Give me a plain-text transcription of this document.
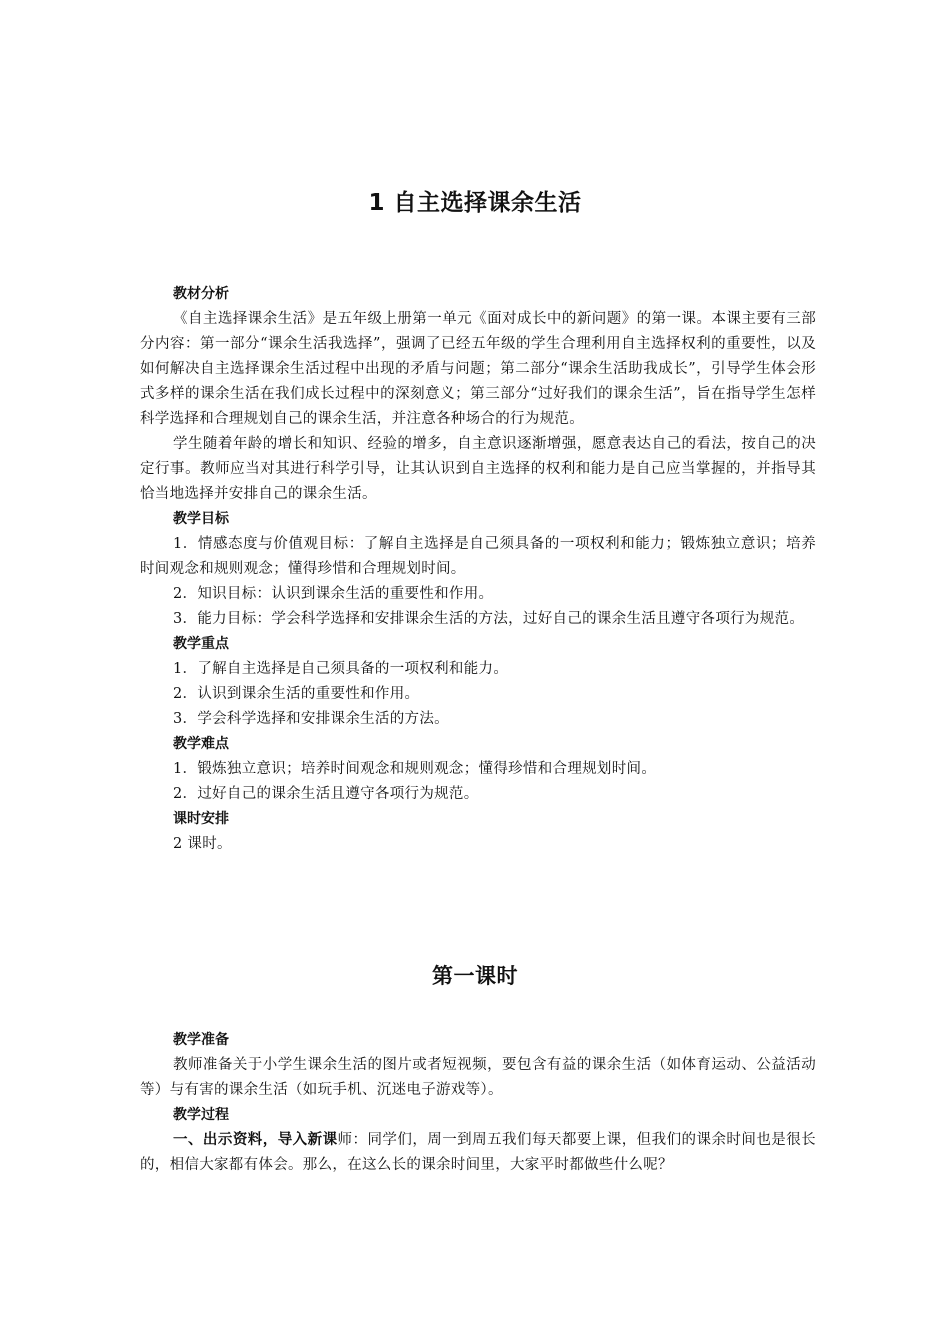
1 自主选择课余生活

教材分析

《自主选择课余生活》是五年级上册第一单元《面对成长中的新问题》的第一课。本课主要有三部分内容：第一部分“课余生活我选择”，强调了已经五年级的学生合理利用自主选择权利的重要性，以及如何解决自主选择课余生活过程中出现的矛盾与问题；第二部分“课余生活助我成长”，引导学生体会形式多样的课余生活在我们成长过程中的深刻意义；第三部分“过好我们的课余生活”，旨在指导学生怎样科学选择和合理规划自己的课余生活，并注意各种场合的行为规范。

学生随着年龄的增长和知识、经验的增多，自主意识逐渐增强，愿意表达自己的看法，按自己的决定行事。教师应当对其进行科学引导，让其认识到自主选择的权利和能力是自己应当掌握的，并指导其恰当地选择并安排自己的课余生活。

教学目标

1．情感态度与价值观目标：了解自主选择是自己须具备的一项权利和能力；锻炼独立意识；培养时间观念和规则观念；懂得珍惜和合理规划时间。

2．知识目标：认识到课余生活的重要性和作用。

3．能力目标：学会科学选择和安排课余生活的方法，过好自己的课余生活且遵守各项行为规范。

教学重点

1．了解自主选择是自己须具备的一项权利和能力。

2．认识到课余生活的重要性和作用。

3．学会科学选择和安排课余生活的方法。

教学难点

1．锻炼独立意识；培养时间观念和规则观念；懂得珍惜和合理规划时间。

2．过好自己的课余生活且遵守各项行为规范。

课时安排

2 课时。

第一课时

教学准备

教师准备关于小学生课余生活的图片或者短视频，要包含有益的课余生活（如体育运动、公益活动等）与有害的课余生活（如玩手机、沉迷电子游戏等）。

教学过程

一、出示资料，导入新课师：同学们，周一到周五我们每天都要上课，但我们的课余时间也是很长的，相信大家都有体会。那么，在这么长的课余时间里，大家平时都做些什么呢？
